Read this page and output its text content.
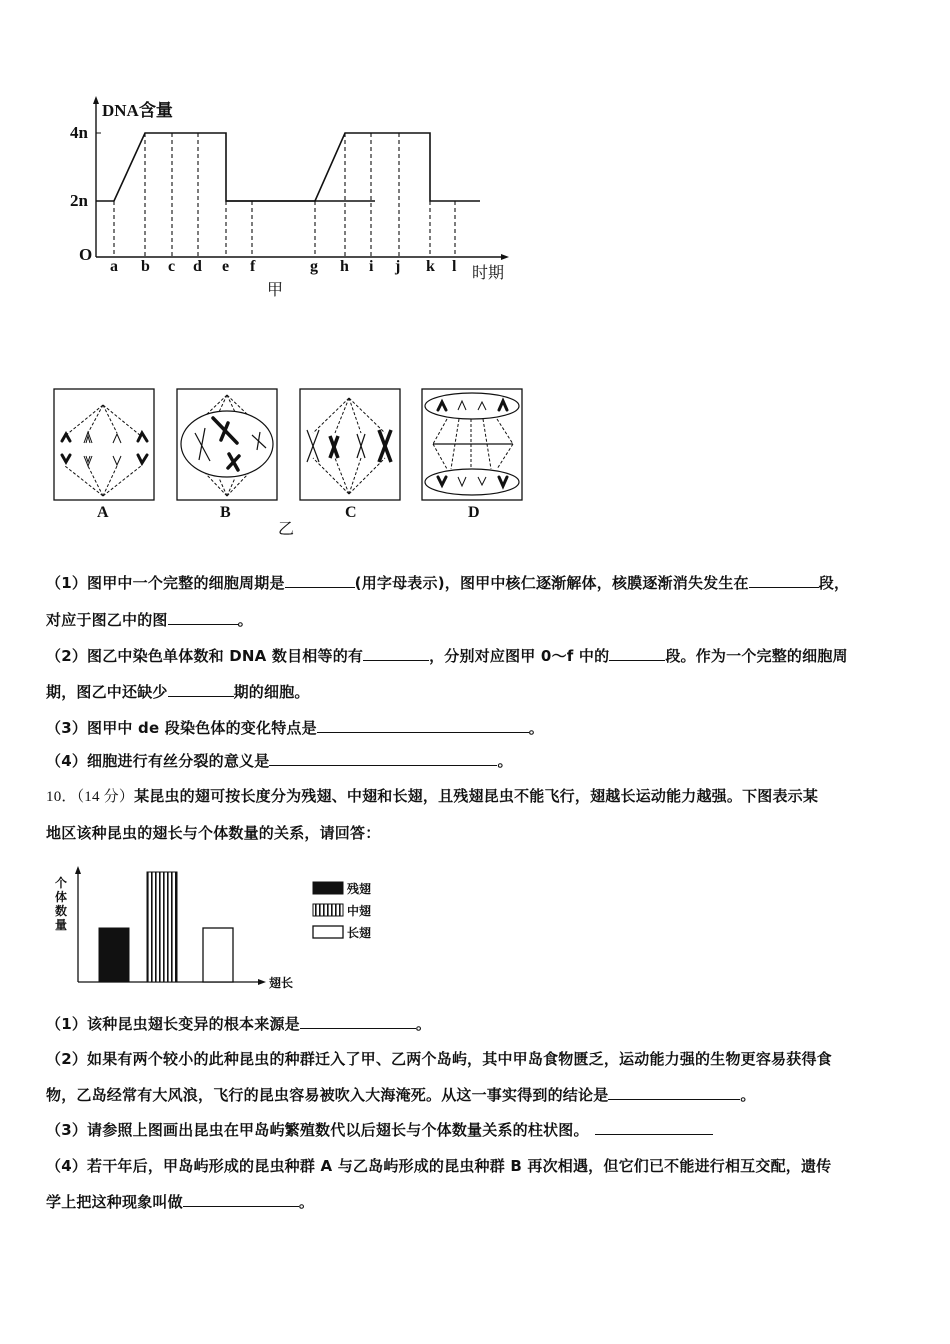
DNA含量
4n
2n
O
a b c d e f	g h i j k l 时期
甲
A	B	C	D
乙
（1）图甲中一个完整的细胞周期是	(用字母表示)，图甲中核仁逐渐解体，核膜逐渐消失发生在	段，
对应于图乙中的图	。
（2）图乙中染色单体数和 DNA 数目相等的有	，分别对应图甲 0～f 中的	段。作为一个完整的细胞周
期，图乙中还缺少	期的细胞。
（3）图甲中 de 段染色体的变化特点是	。
（4）细胞进行有丝分裂的意义是	。
10．（14 分）某昆虫的翅可按长度分为残翅、中翅和长翅，且残翅昆虫不能飞行，翅越长运动能力越强。下图表示某
地区该种昆虫的翅长与个体数量的关系，请回答：
个体数量
翅长
残翅
中翅
长翅
（1）该种昆虫翅长变异的根本来源是	。
（2）如果有两个较小的此种昆虫的种群迁入了甲、乙两个岛屿，其中甲岛食物匮乏，运动能力强的生物更容易获得食
物，乙岛经常有大风浪，飞行的昆虫容易被吹入大海淹死。从这一事实得到的结论是	。
（3）请参照上图画出昆虫在甲岛屿繁殖数代以后翅长与个体数量关系的柱状图。
（4）若干年后，甲岛屿形成的昆虫种群 A 与乙岛屿形成的昆虫种群 B 再次相遇，但它们已不能进行相互交配，遗传
学上把这种现象叫做	。
